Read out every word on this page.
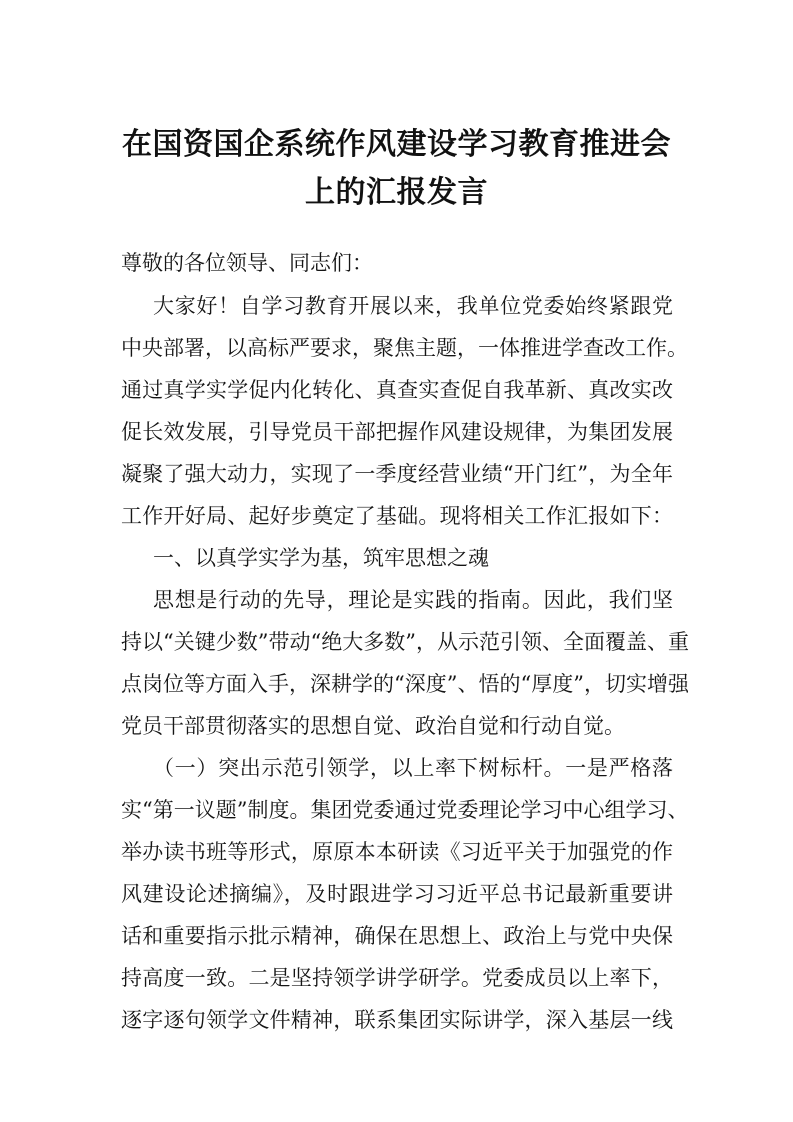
在国资国企系统作风建设学习教育推进会
上的汇报发言
尊敬的各位领导、同志们：
大家好！自学习教育开展以来，我单位党委始终紧跟党
中央部署，以高标严要求，聚焦主题，一体推进学查改工作。
通过真学实学促内化转化、真查实查促自我革新、真改实改
促长效发展，引导党员干部把握作风建设规律，为集团发展
凝聚了强大动力，实现了一季度经营业绩“开门红”，为全年
工作开好局、起好步奠定了基础。现将相关工作汇报如下：
一、以真学实学为基，筑牢思想之魂
思想是行动的先导，理论是实践的指南。因此，我们坚
持以“关键少数”带动“绝大多数”，从示范引领、全面覆盖、重
点岗位等方面入手，深耕学的“深度”、悟的“厚度”，切实增强
党员干部贯彻落实的思想自觉、政治自觉和行动自觉。
（一）突出示范引领学，以上率下树标杆。一是严格落
实“第一议题”制度。集团党委通过党委理论学习中心组学习、
举办读书班等形式，原原本本研读《习近平关于加强党的作
风建设论述摘编》，及时跟进学习习近平总书记最新重要讲
话和重要指示批示精神，确保在思想上、政治上与党中央保
持高度一致。二是坚持领学讲学研学。党委成员以上率下，
逐字逐句领学文件精神，联系集团实际讲学，深入基层一线
